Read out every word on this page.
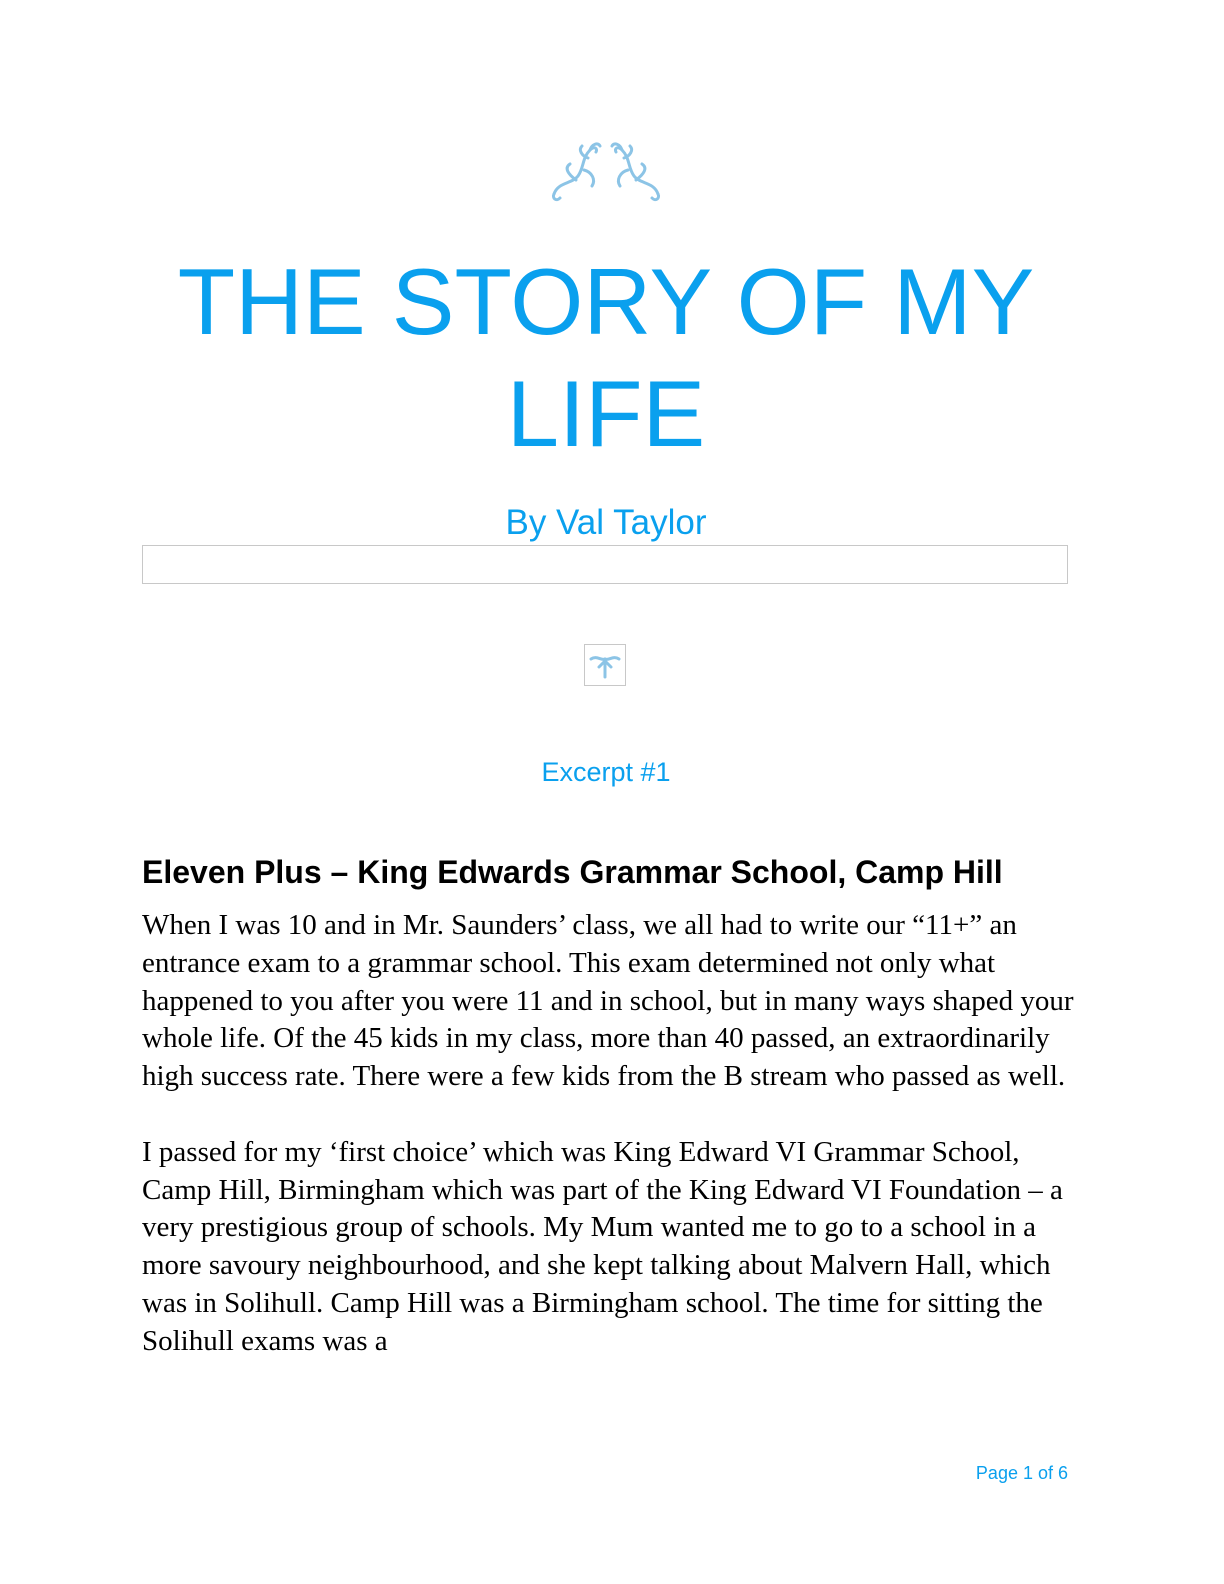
THE STORY OF MY LIFE
By Val Taylor
Excerpt #1
Eleven Plus – King Edwards Grammar School, Camp Hill

When I was 10 and in Mr. Saunders’ class, we all had to write our “11+” an entrance exam to a grammar school. This exam determined not only what happened to you after you were 11 and in school, but in many ways shaped your whole life. Of the 45 kids in my class, more than 40 passed, an extraordinarily high success rate. There were a few kids from the B stream who passed as well.

I passed for my ‘first choice’ which was King Edward VI Grammar School, Camp Hill, Birmingham which was part of the King Edward VI Foundation – a very prestigious group of schools. My Mum wanted me to go to a school in a more savoury neighbourhood, and she kept talking about Malvern Hall, which was in Solihull. Camp Hill was a Birmingham school. The time for sitting the Solihull exams was a

Page 1 of 6
